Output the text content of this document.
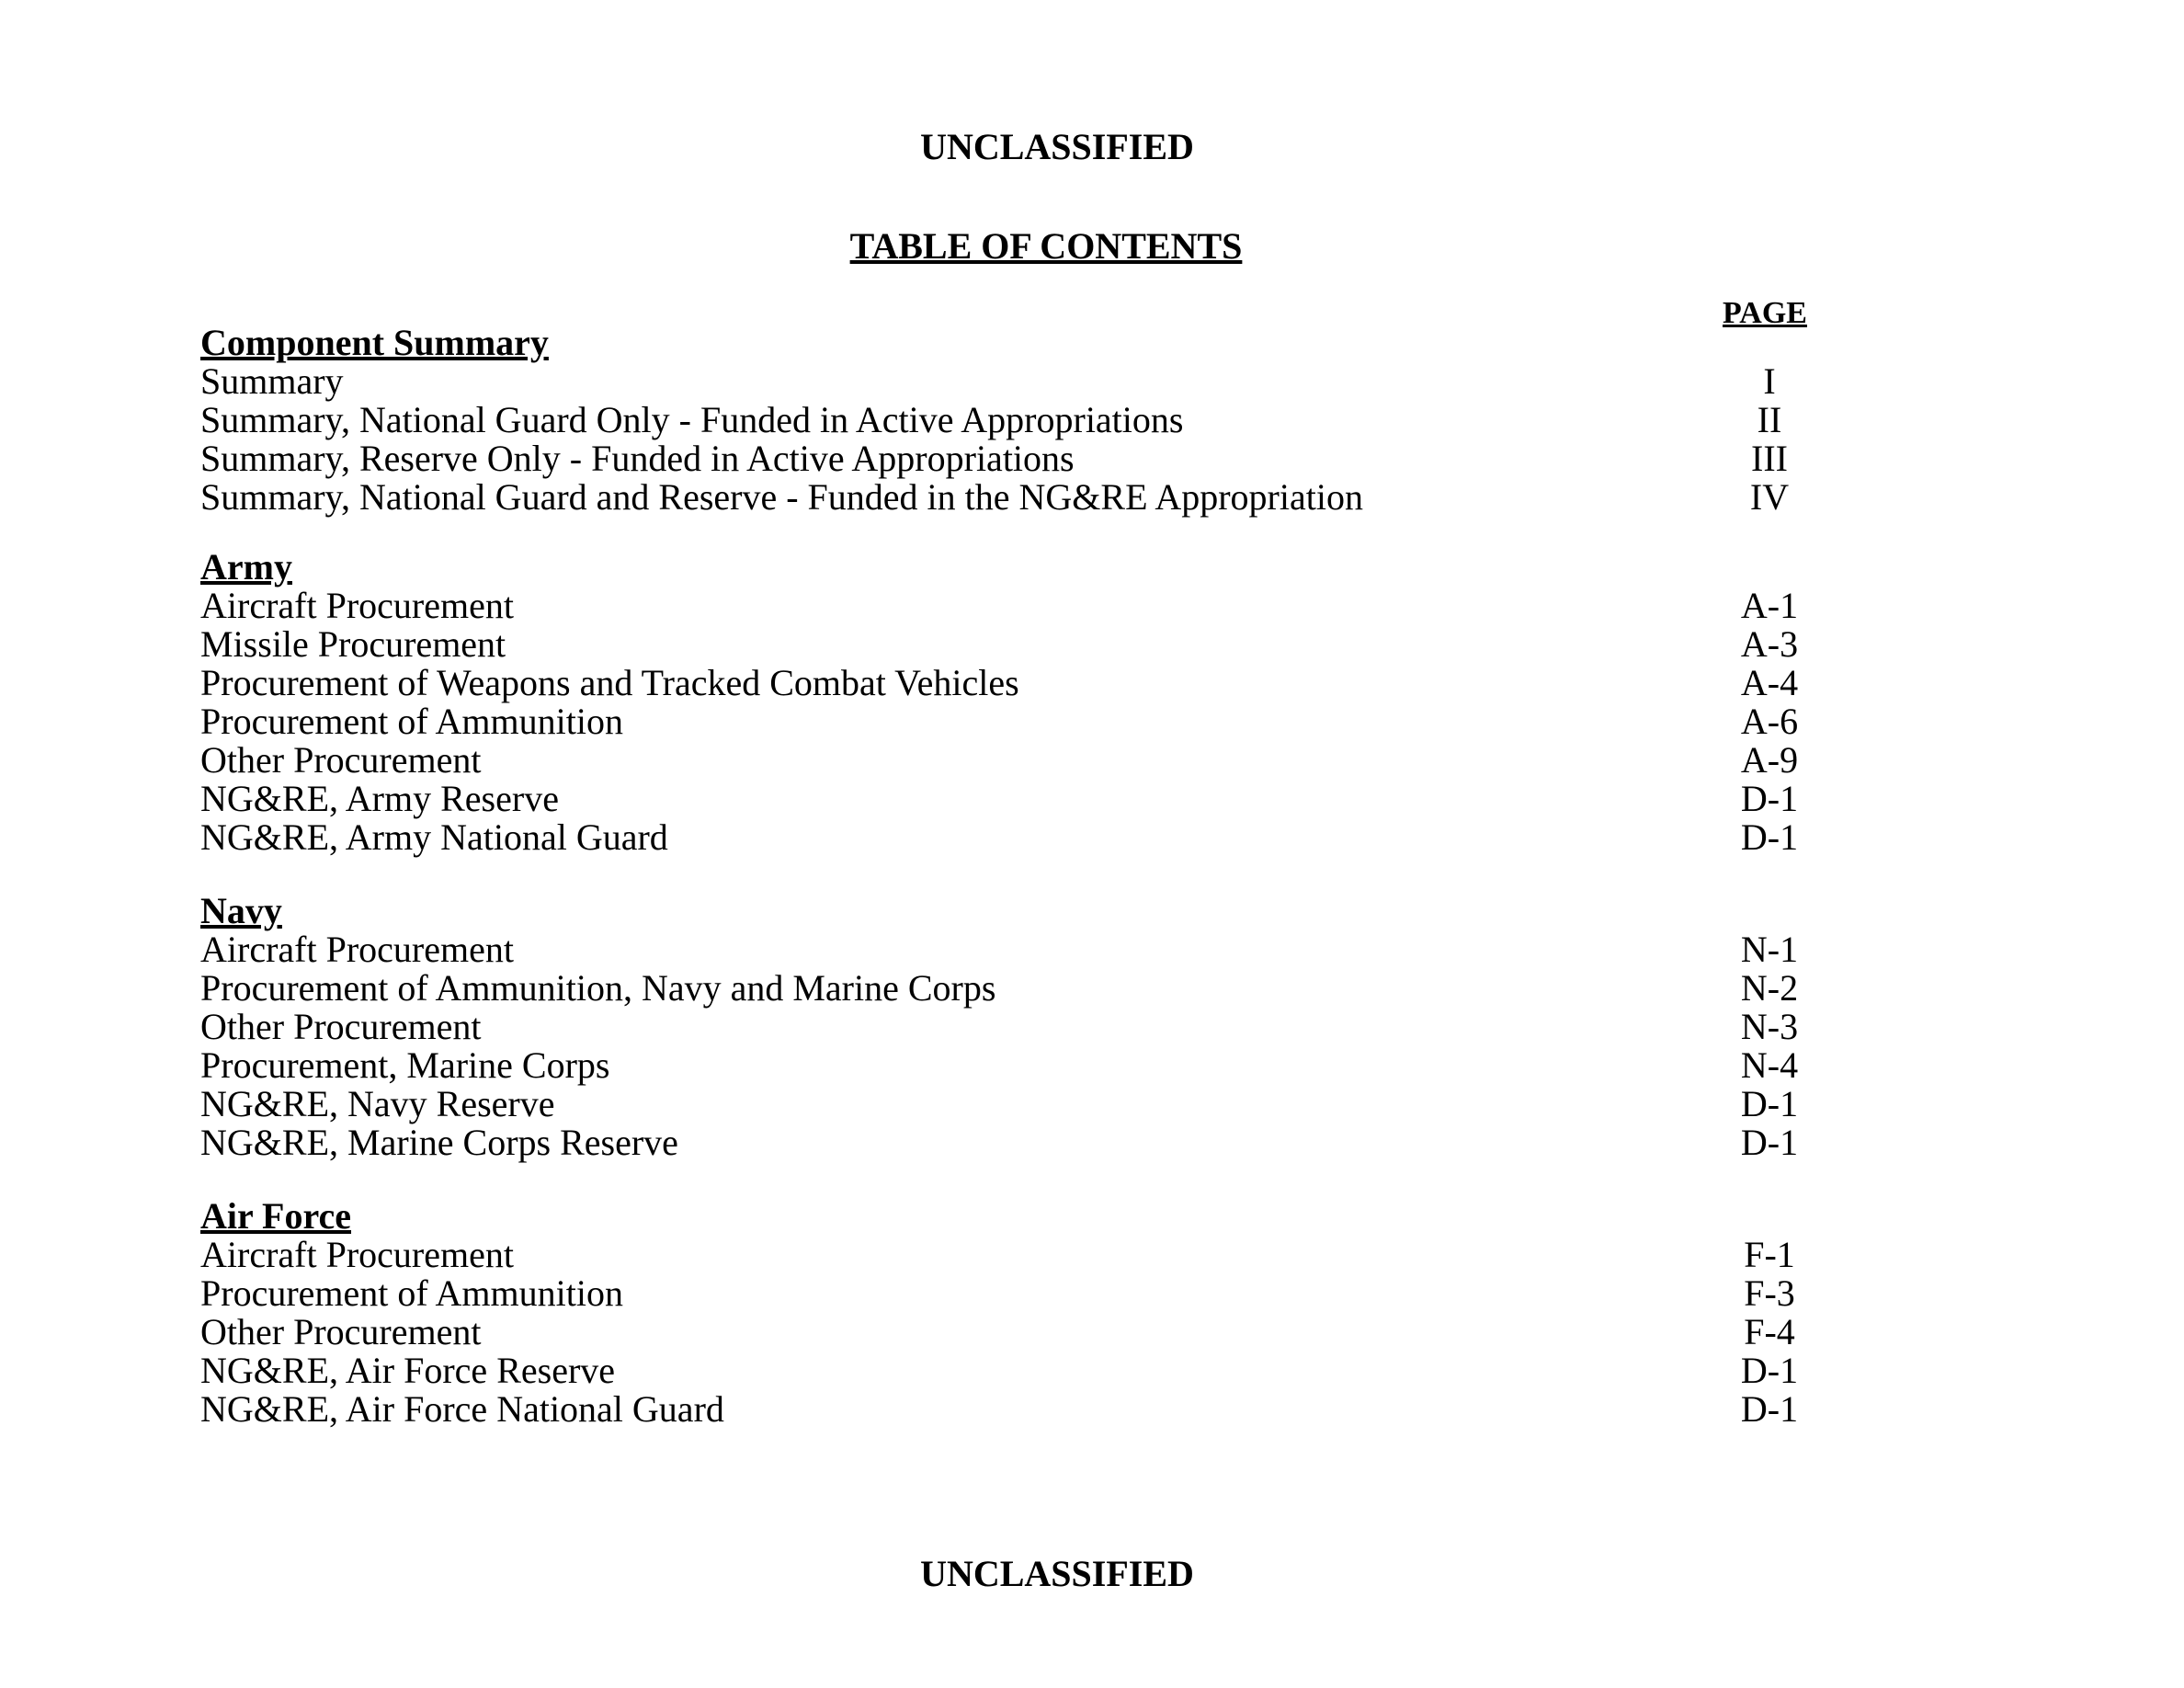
UNCLASSIFIED
TABLE OF CONTENTS
PAGE
Component Summary
Summary	I
Summary, National Guard Only - Funded in Active Appropriations	II
Summary, Reserve Only - Funded in Active Appropriations	III
Summary, National Guard and Reserve - Funded in the NG&RE Appropriation	IV
Army
Aircraft Procurement	A-1
Missile Procurement	A-3
Procurement of Weapons and Tracked Combat Vehicles	A-4
Procurement of Ammunition	A-6
Other Procurement	A-9
NG&RE, Army Reserve	D-1
NG&RE, Army National Guard	D-1
Navy
Aircraft Procurement	N-1
Procurement of Ammunition, Navy and Marine Corps	N-2
Other Procurement	N-3
Procurement, Marine Corps	N-4
NG&RE, Navy Reserve	D-1
NG&RE, Marine Corps Reserve	D-1
Air Force
Aircraft Procurement	F-1
Procurement of Ammunition	F-3
Other Procurement	F-4
NG&RE, Air Force Reserve	D-1
NG&RE, Air Force National Guard	D-1
UNCLASSIFIED
